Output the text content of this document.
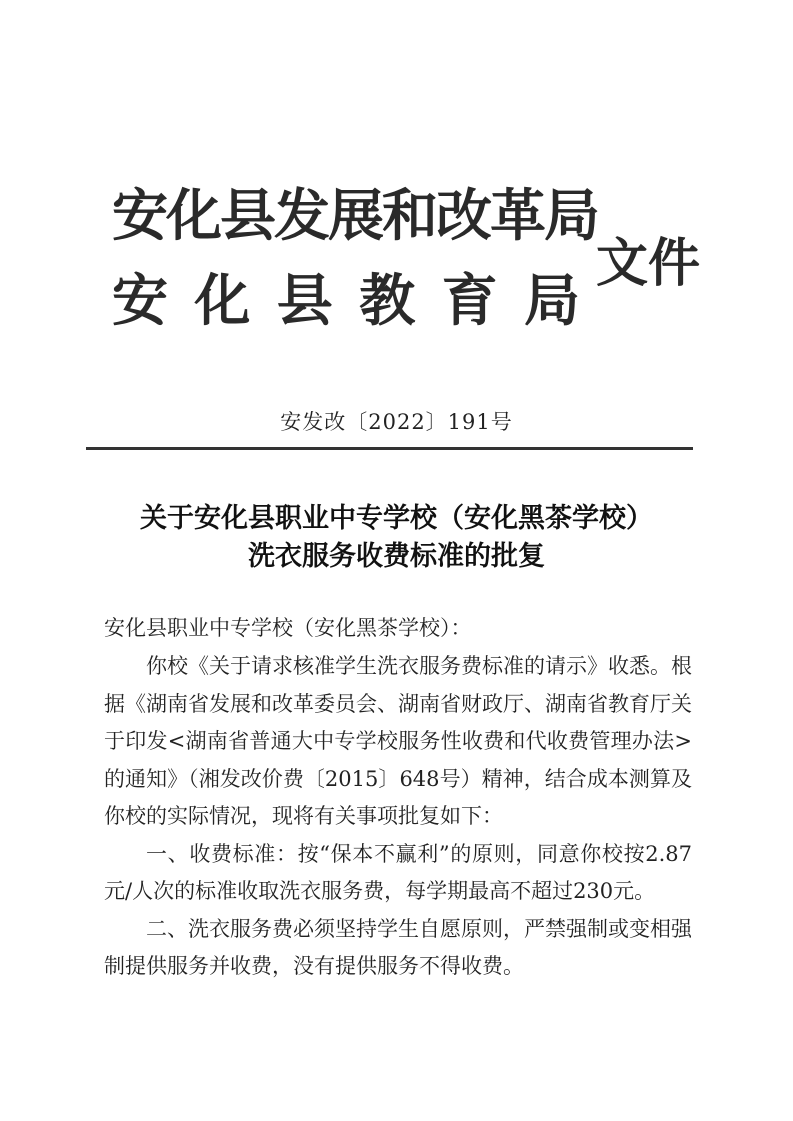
安化县发展和改革局
安 化 县 教 育 局
文件
安发改〔2022〕191号
关于安化县职业中专学校（安化黑茶学校）
洗衣服务收费标准的批复
安化县职业中专学校（安化黑茶学校）：

你校《关于请求核准学生洗衣服务费标准的请示》收悉。根据《湖南省发展和改革委员会、湖南省财政厅、湖南省教育厅关于印发<湖南省普通大中专学校服务性收费和代收费管理办法>的通知》（湘发改价费〔2015〕648号）精神，结合成本测算及你校的实际情况，现将有关事项批复如下：

一、收费标准：按“保本不赢利”的原则，同意你校按2.87元/人次的标准收取洗衣服务费，每学期最高不超过230元。

二、洗衣服务费必须坚持学生自愿原则，严禁强制或变相强制提供服务并收费，没有提供服务不得收费。
